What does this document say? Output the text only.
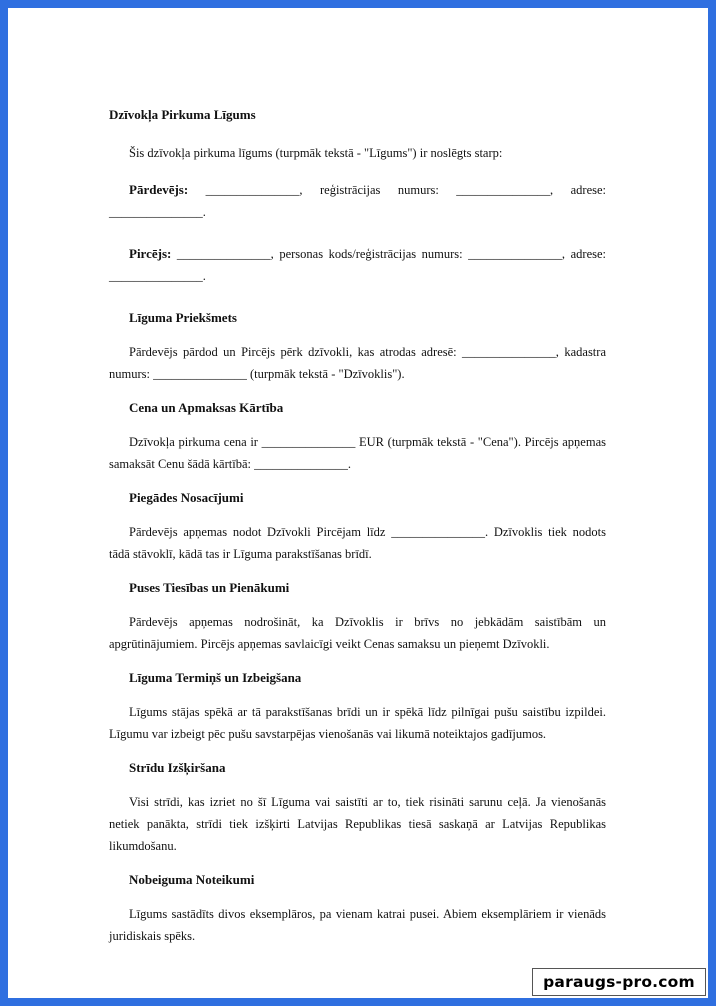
Dzīvokļa Pirkuma Līgums

Šis dzīvokļa pirkuma līgums (turpmāk tekstā - "Līgums") ir noslēgts starp:

Pārdevējs: _______________, reģistrācijas numurs: _______________, adrese: _______________.

Pircējs: _______________, personas kods/reģistrācijas numurs: _______________, adrese: _______________.

Līguma Priekšmets

Pārdevējs pārdod un Pircējs pērk dzīvokli, kas atrodas adresē: _______________, kadastra numurs: _______________ (turpmāk tekstā - "Dzīvoklis").

Cena un Apmaksas Kārtība

Dzīvokļa pirkuma cena ir _______________ EUR (turpmāk tekstā - "Cena"). Pircējs apņemas samaksāt Cenu šādā kārtībā: _______________.

Piegādes Nosacījumi

Pārdevējs apņemas nodot Dzīvokli Pircējam līdz _______________. Dzīvoklis tiek nodots tādā stāvoklī, kādā tas ir Līguma parakstīšanas brīdī.

Puses Tiesības un Pienākumi

Pārdevējs apņemas nodrošināt, ka Dzīvoklis ir brīvs no jebkādām saistībām un apgrūtinājumiem. Pircējs apņemas savlaicīgi veikt Cenas samaksu un pieņemt Dzīvokli.

Līguma Termiņš un Izbeigšana

Līgums stājas spēkā ar tā parakstīšanas brīdi un ir spēkā līdz pilnīgai pušu saistību izpildei. Līgumu var izbeigt pēc pušu savstarpējas vienošanās vai likumā noteiktajos gadījumos.

Strīdu Izšķiršana

Visi strīdi, kas izriet no šī Līguma vai saistīti ar to, tiek risināti sarunu ceļā. Ja vienošanās netiek panākta, strīdi tiek izšķirti Latvijas Republikas tiesā saskaņā ar Latvijas Republikas likumdošanu.

Nobeiguma Noteikumi

Līgums sastādīts divos eksemplāros, pa vienam katrai pusei. Abiem eksemplāriem ir vienāds juridiskais spēks.

paraugs-pro.com
